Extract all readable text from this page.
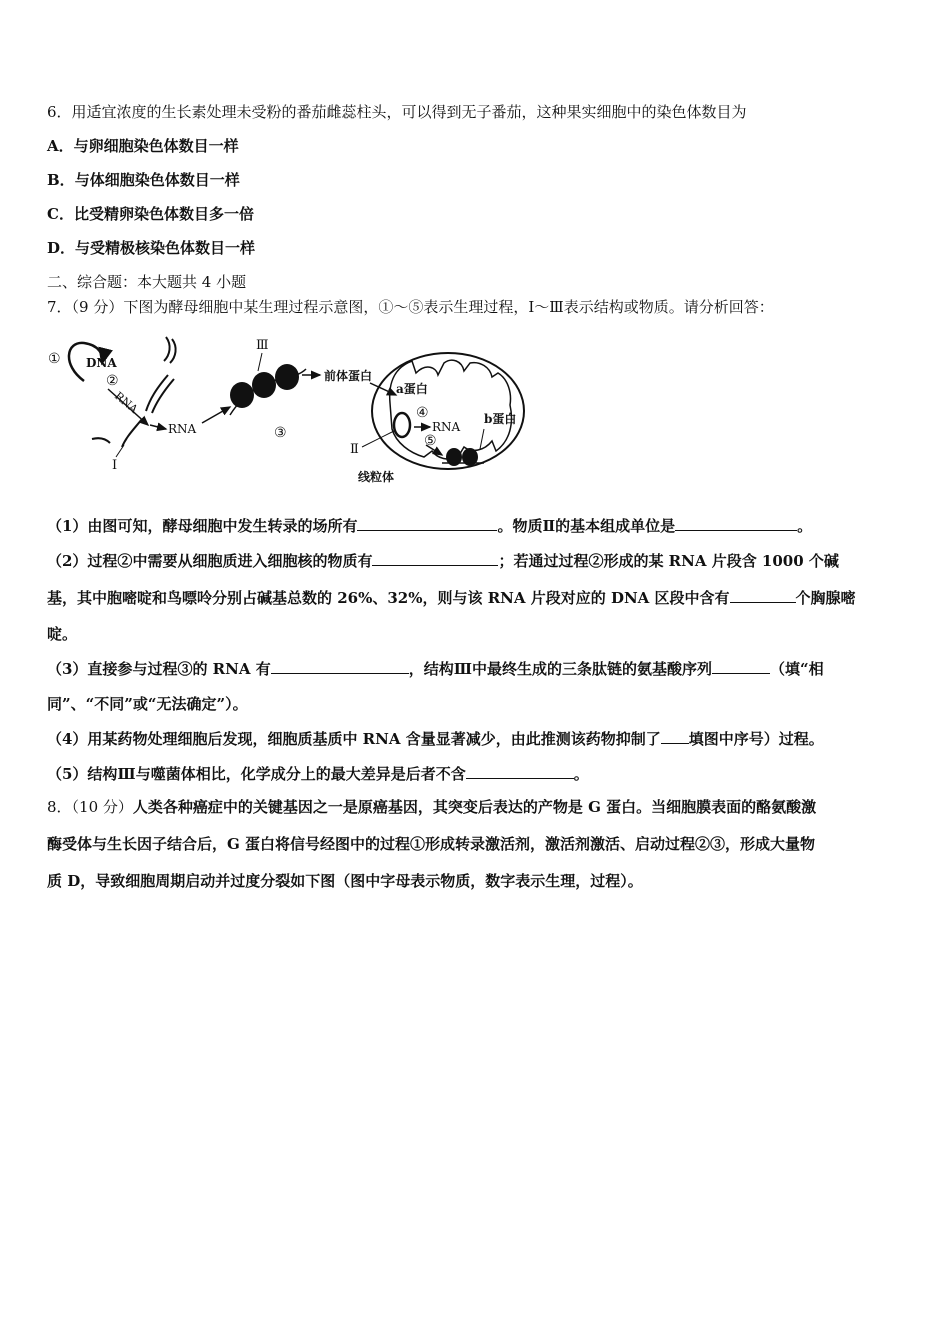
6．用适宜浓度的生长素处理未受粉的番茄雌蕊柱头，可以得到无子番茄，这种果实细胞中的染色体数目为
A．与卵细胞染色体数目一样
B．与体细胞染色体数目一样
C．比受精卵染色体数目多一倍
D．与受精极核染色体数目一样
二、综合题：本大题共 4 小题
7．（9 分）下图为酵母细胞中某生理过程示意图，①～⑤表示生理过程，Ⅰ～Ⅲ表示结构或物质。请分析回答：
① DNA
②
RNA
Ⅰ
RNA
Ⅲ
③
前体蛋白
a蛋白
④
RNA
⑤
b蛋白
Ⅱ
线粒体
（1）由图可知，酵母细胞中发生转录的场所有	。物质Ⅱ的基本组成单位是	。
（2）过程②中需要从细胞质进入细胞核的物质有	；若通过过程②形成的某 RNA 片段含 1000 个碱
基，其中胞嘧啶和鸟嘌呤分别占碱基总数的 26%、32%，则与该 RNA 片段对应的 DNA 区段中含有	个胸腺嘧
啶。
（3）直接参与过程③的 RNA 有	，结构Ⅲ中最终生成的三条肽链的氨基酸序列	（填“相
同”、“不同”或“无法确定”）。
（4）用某药物处理细胞后发现，细胞质基质中 RNA 含量显著减少，由此推测该药物抑制了 填图中序号）过程。
（5）结构Ⅲ与噬菌体相比，化学成分上的最大差异是后者不含	。
8．（10 分）人类各种癌症中的关键基因之一是原癌基因，其突变后表达的产物是 G 蛋白。当细胞膜表面的酪氨酸激
酶受体与生长因子结合后，G 蛋白将信号经图中的过程①形成转录激活剂，激活剂激活、启动过程②③，形成大量物
质 D，导致细胞周期启动并过度分裂如下图（图中字母表示物质，数字表示生理，过程）。
